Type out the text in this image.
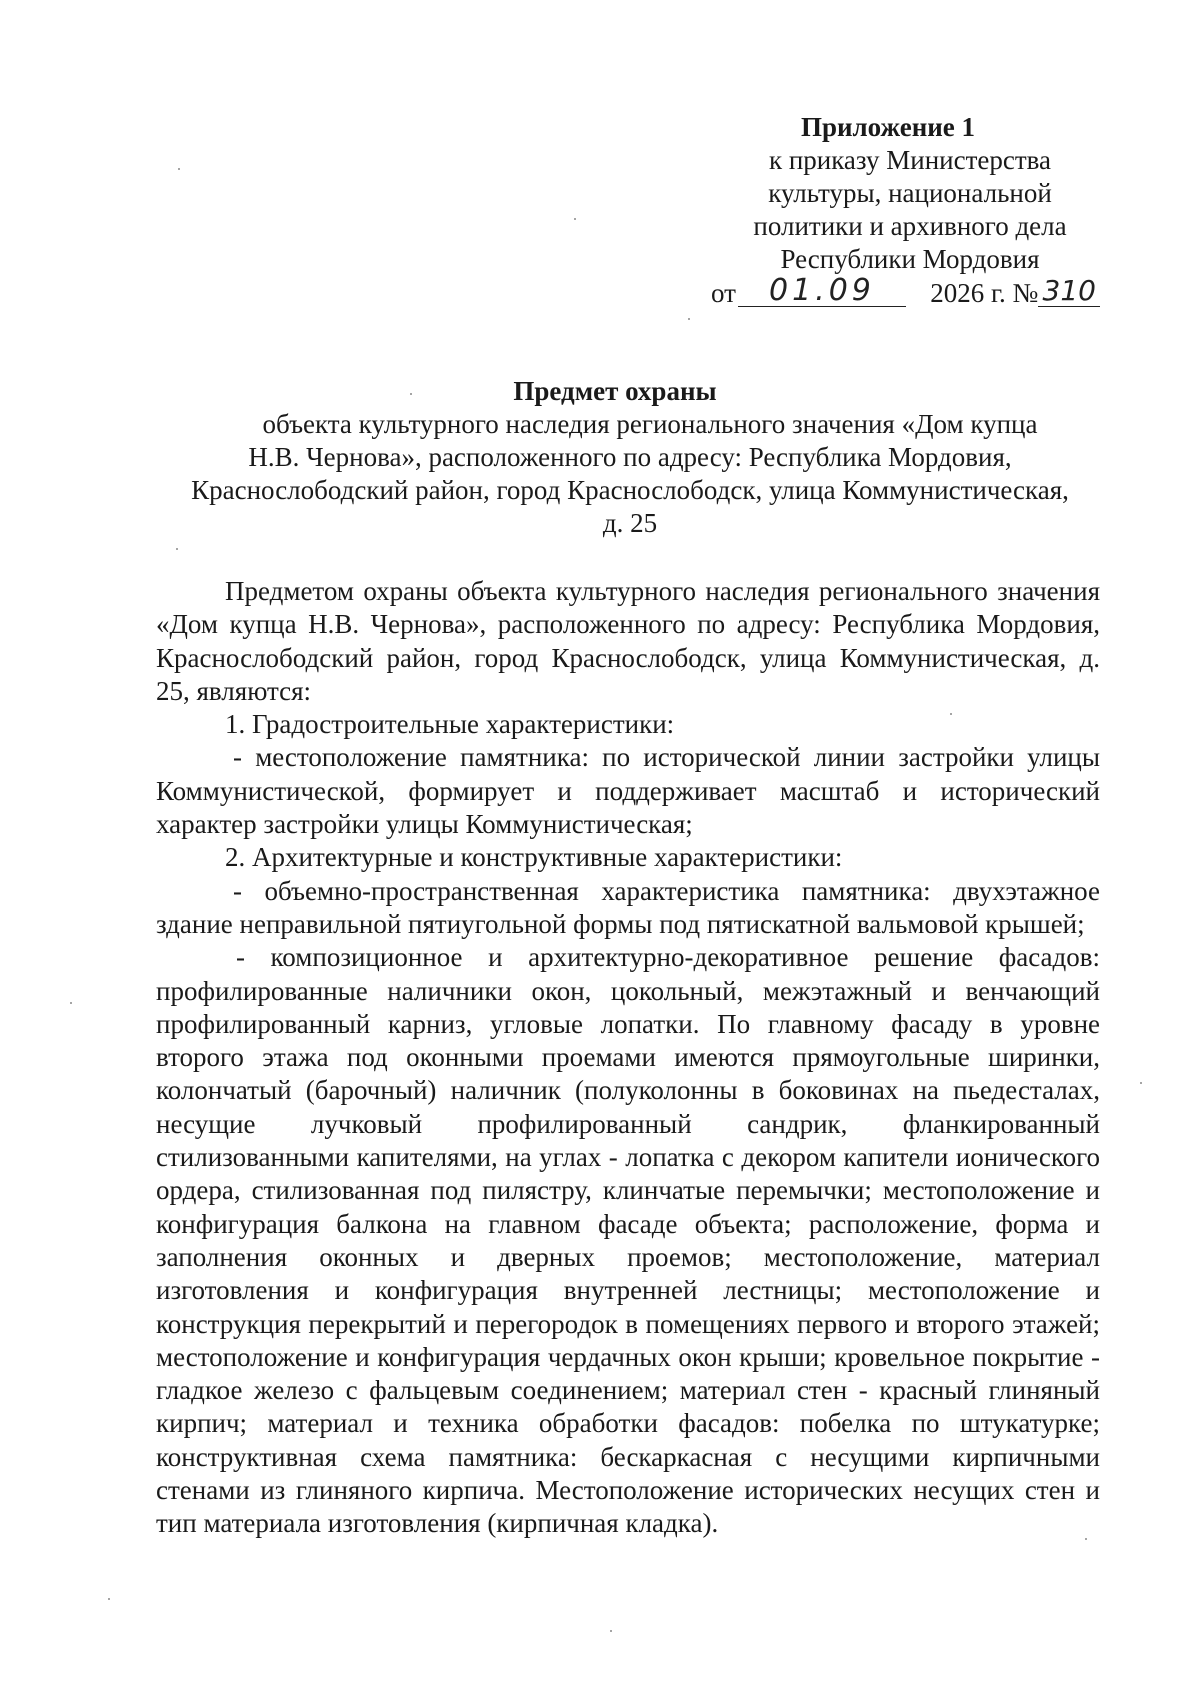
Приложение 1
к приказу Министерства
культуры, национальной
политики и архивного дела
Республики Мордовия
от 01.09 2026 г. № 310
Предмет охраны
объекта культурного наследия регионального значения «Дом купца
Н.В. Чернова», расположенного по адресу: Республика Мордовия,
Краснослободский район, город Краснослободск, улица Коммунистическая,
д. 25

Предметом охраны объекта культурного наследия регионального значения «Дом купца Н.В. Чернова», расположенного по адресу: Республика Мордовия, Краснослободский район, город Краснослободск, улица Коммунистическая, д. 25, являются:

1. Градостроительные характеристики:

- местоположение памятника: по исторической линии застройки улицы Коммунистической, формирует и поддерживает масштаб и исторический характер застройки улицы Коммунистическая;

2. Архитектурные и конструктивные характеристики:

- объемно-пространственная характеристика памятника: двухэтажное здание неправильной пятиугольной формы под пятискатной вальмовой крышей;

- композиционное и архитектурно-декоративное решение фасадов: профилированные наличники окон, цокольный, межэтажный и венчающий профилированный карниз, угловые лопатки. По главному фасаду в уровне второго этажа под оконными проемами имеются прямоугольные ширинки, колончатый (барочный) наличник (полуколонны в боковинах на пьедесталах, несущие лучковый профилированный сандрик, фланкированный стилизованными капителями, на углах - лопатка с декором капители ионического ордера, стилизованная под пилястру, клинчатые перемычки; местоположение и конфигурация балкона на главном фасаде объекта; расположение, форма и заполнения оконных и дверных проемов; местоположение, материал изготовления и конфигурация внутренней лестницы; местоположение и конструкция перекрытий и перегородок в помещениях первого и второго этажей; местоположение и конфигурация чердачных окон крыши; кровельное покрытие - гладкое железо с фальцевым соединением; материал стен - красный глиняный кирпич; материал и техника обработки фасадов: побелка по штукатурке; конструктивная схема памятника: бескаркасная с несущими кирпичными стенами из глиняного кирпича. Местоположение исторических несущих стен и тип материала изготовления (кирпичная кладка).
